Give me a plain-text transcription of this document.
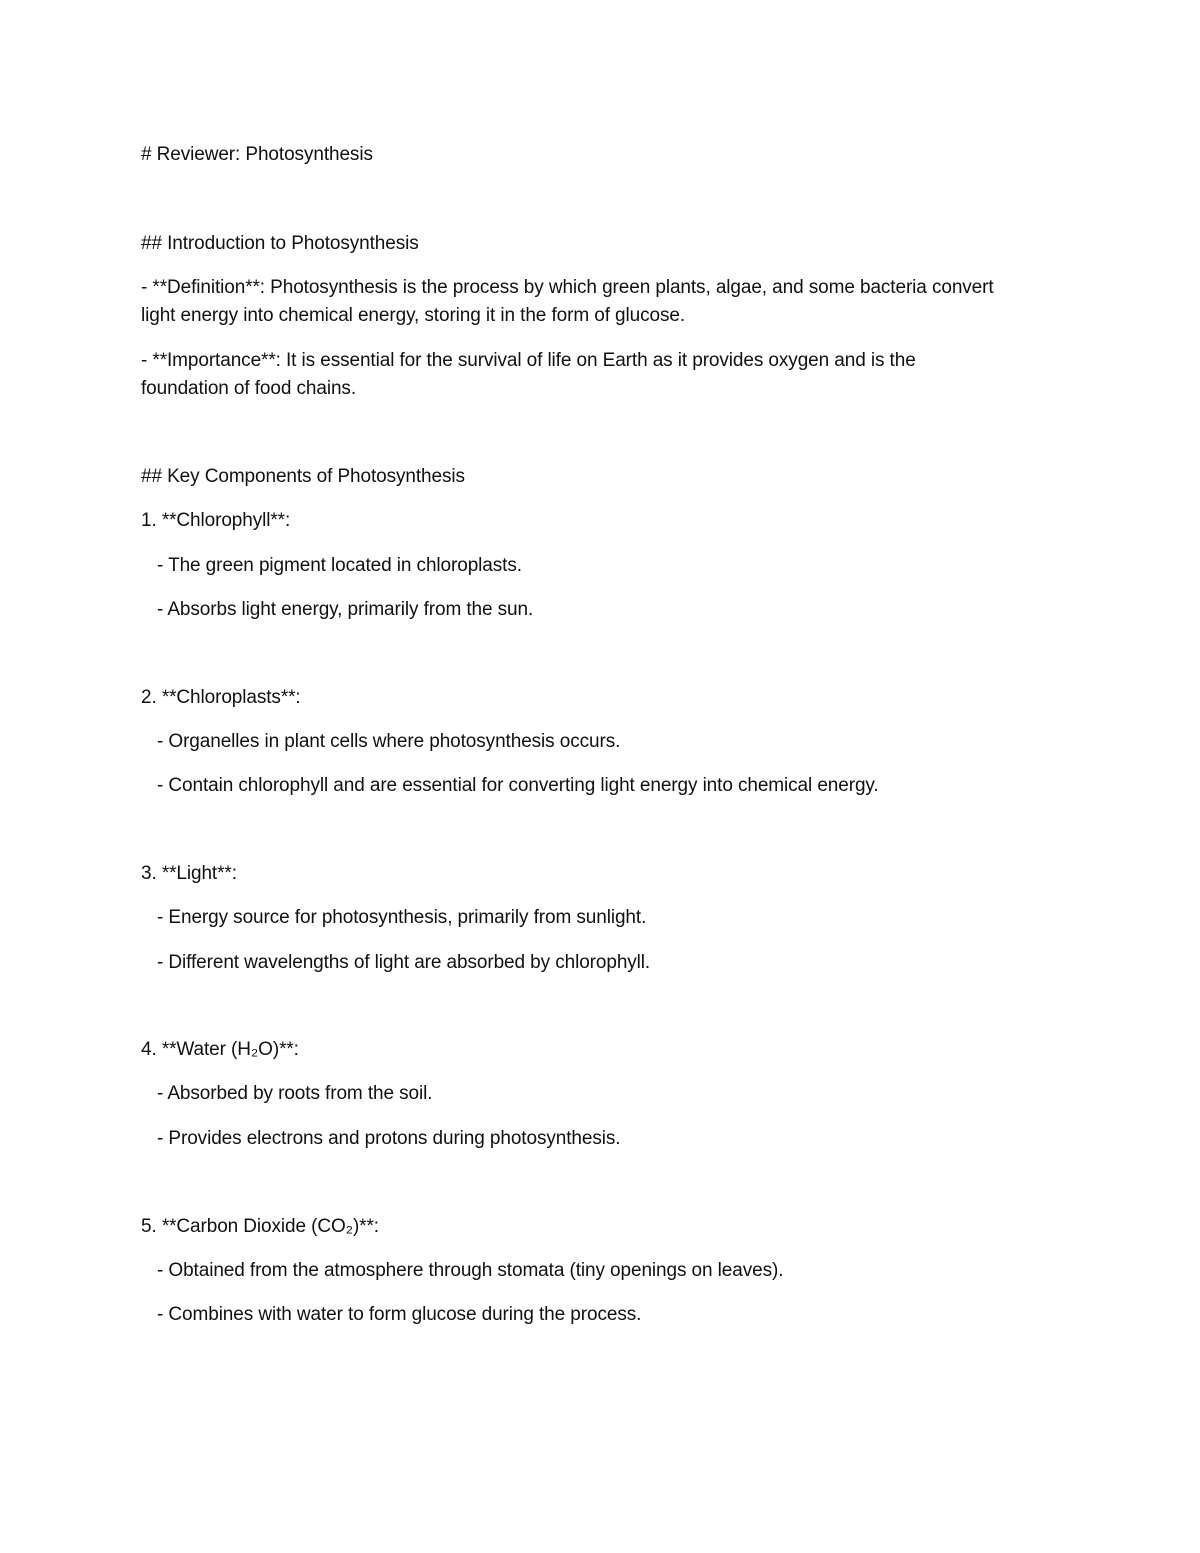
# Reviewer: Photosynthesis
## Introduction to Photosynthesis
- **Definition**: Photosynthesis is the process by which green plants, algae, and some bacteria convert
light energy into chemical energy, storing it in the form of glucose.
- **Importance**: It is essential for the survival of life on Earth as it provides oxygen and is the
foundation of food chains.
## Key Components of Photosynthesis
1. **Chlorophyll**:
- The green pigment located in chloroplasts.
- Absorbs light energy, primarily from the sun.
2. **Chloroplasts**:
- Organelles in plant cells where photosynthesis occurs.
- Contain chlorophyll and are essential for converting light energy into chemical energy.
3. **Light**:
- Energy source for photosynthesis, primarily from sunlight.
- Different wavelengths of light are absorbed by chlorophyll.
4. **Water (H₂O)**:
- Absorbed by roots from the soil.
- Provides electrons and protons during photosynthesis.
5. **Carbon Dioxide (CO₂)**:
- Obtained from the atmosphere through stomata (tiny openings on leaves).
- Combines with water to form glucose during the process.
